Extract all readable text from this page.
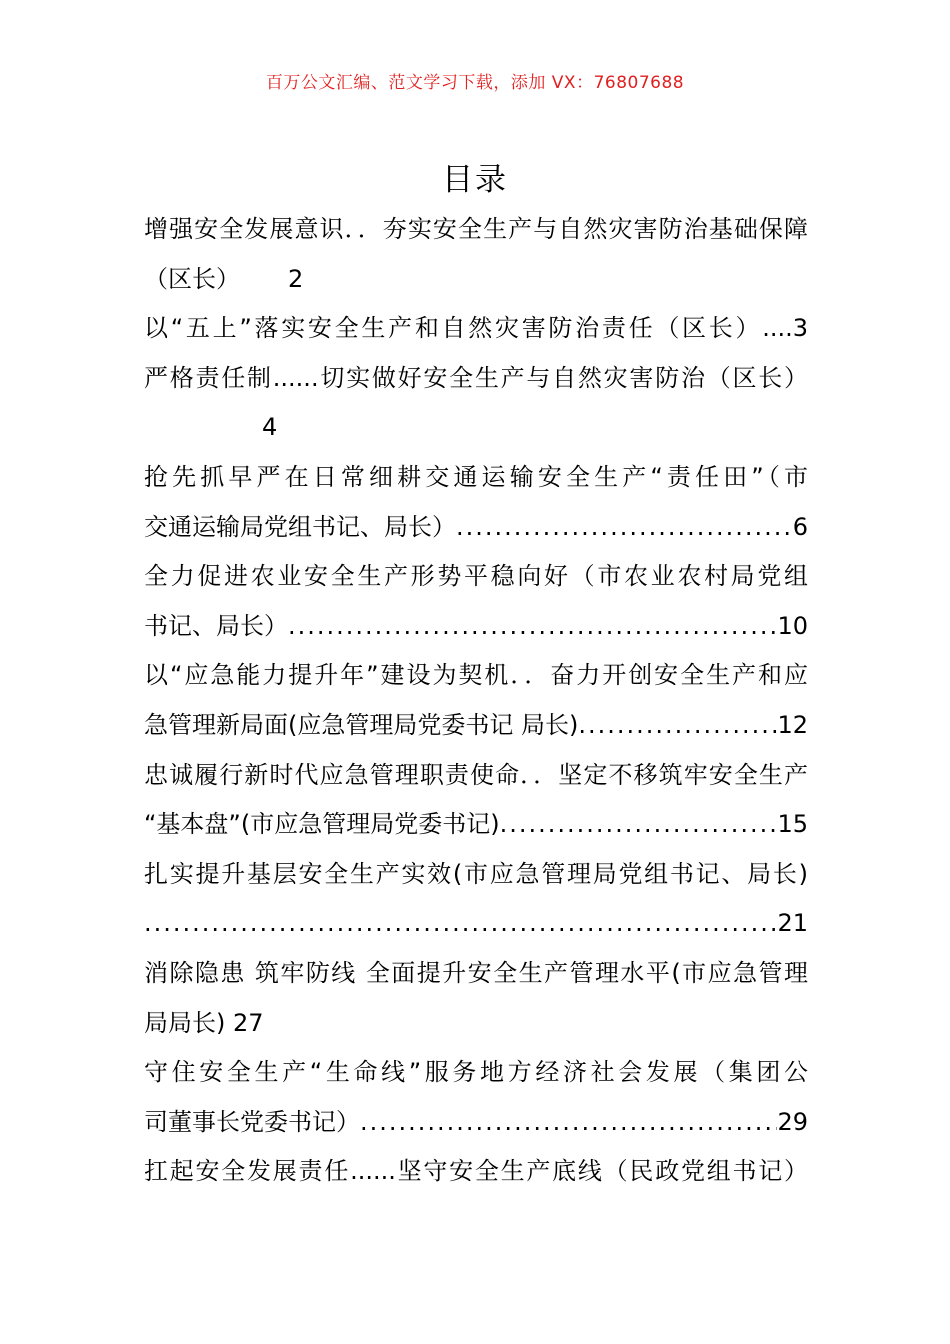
百万公文汇编、范文学习下载，添加 VX：76807688
目录
增强安全发展意识．．夯实安全生产与自然灾害防治基础保障
（区长） 2
以“五上”落实安全生产和自然灾害防治责任（区长）....3
严格责任制......切实做好安全生产与自然灾害防治（区长）
4
抢先抓早严在日常细耕交通运输安全生产“责任田”（市
交通运输局党组书记、局长） .....	6
全力促进农业安全生产形势平稳向好（市农业农村局党组
书记、局长） .....	10
以“应急能力提升年”建设为契机．．奋力开创安全生产和应
急管理新局面(应急管理局党委书记 局长) .....	12
忠诚履行新时代应急管理职责使命．．坚定不移筑牢安全生产
“基本盘”(市应急管理局党委书记) .....	15
扎实提升基层安全生产实效(市应急管理局党组书记、局长)
.....
21
消除隐患 筑牢防线 全面提升安全生产管理水平(市应急管理
局局长) 27
守住安全生产“生命线”服务地方经济社会发展（集团公
司董事长党委书记） .....	29
扛起安全发展责任......坚守安全生产底线（民政党组书记）
